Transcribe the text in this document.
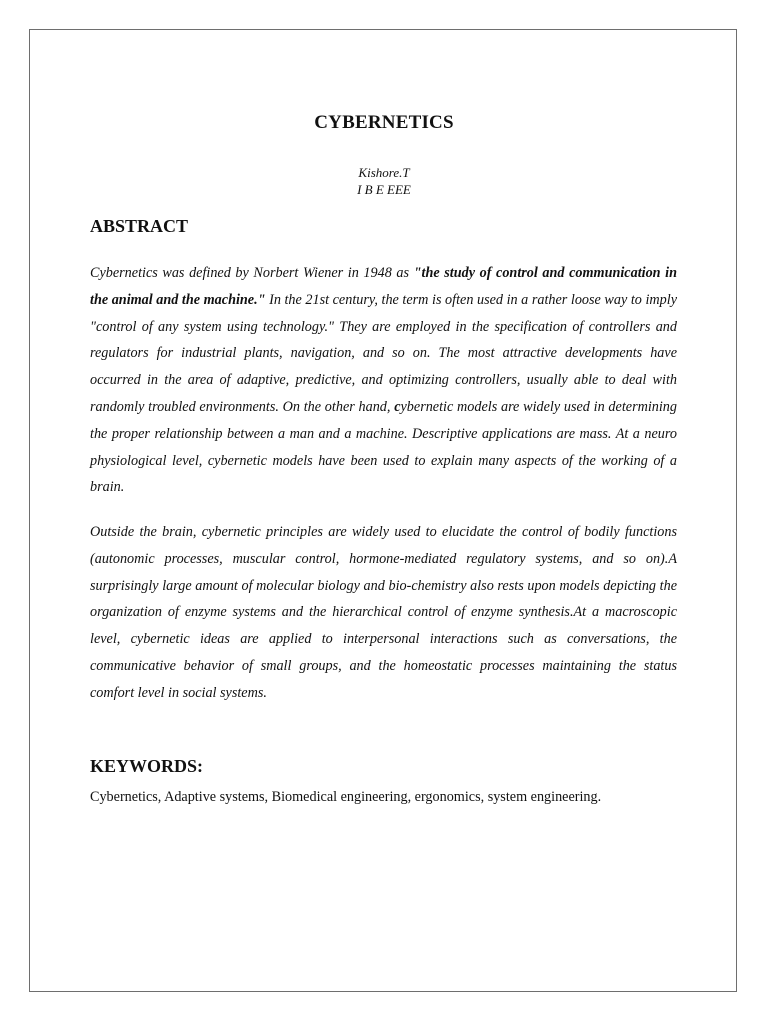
CYBERNETICS
Kishore.T
I B E EEE
ABSTRACT

Cybernetics was defined by Norbert Wiener in 1948 as "the study of control and communication in the animal and the machine." In the 21st century, the term is often used in a rather loose way to imply "control of any system using technology." They are employed in the specification of controllers and regulators for industrial plants, navigation, and so on. The most attractive developments have occurred in the area of adaptive, predictive, and optimizing controllers, usually able to deal with randomly troubled environments. On the other hand, cybernetic models are widely used in determining the proper relationship between a man and a machine. Descriptive applications are mass. At a neuro physiological level, cybernetic models have been used to explain many aspects of the working of a brain.

Outside the brain, cybernetic principles are widely used to elucidate the control of bodily functions (autonomic processes, muscular control, hormone-mediated regulatory systems, and so on).A surprisingly large amount of molecular biology and bio-chemistry also rests upon models depicting the organization of enzyme systems and the hierarchical control of enzyme synthesis.At a macroscopic level, cybernetic ideas are applied to interpersonal interactions such as conversations, the communicative behavior of small groups, and the homeostatic processes maintaining the status comfort level in social systems.

KEYWORDS:

Cybernetics, Adaptive systems, Biomedical engineering, ergonomics, system engineering.
